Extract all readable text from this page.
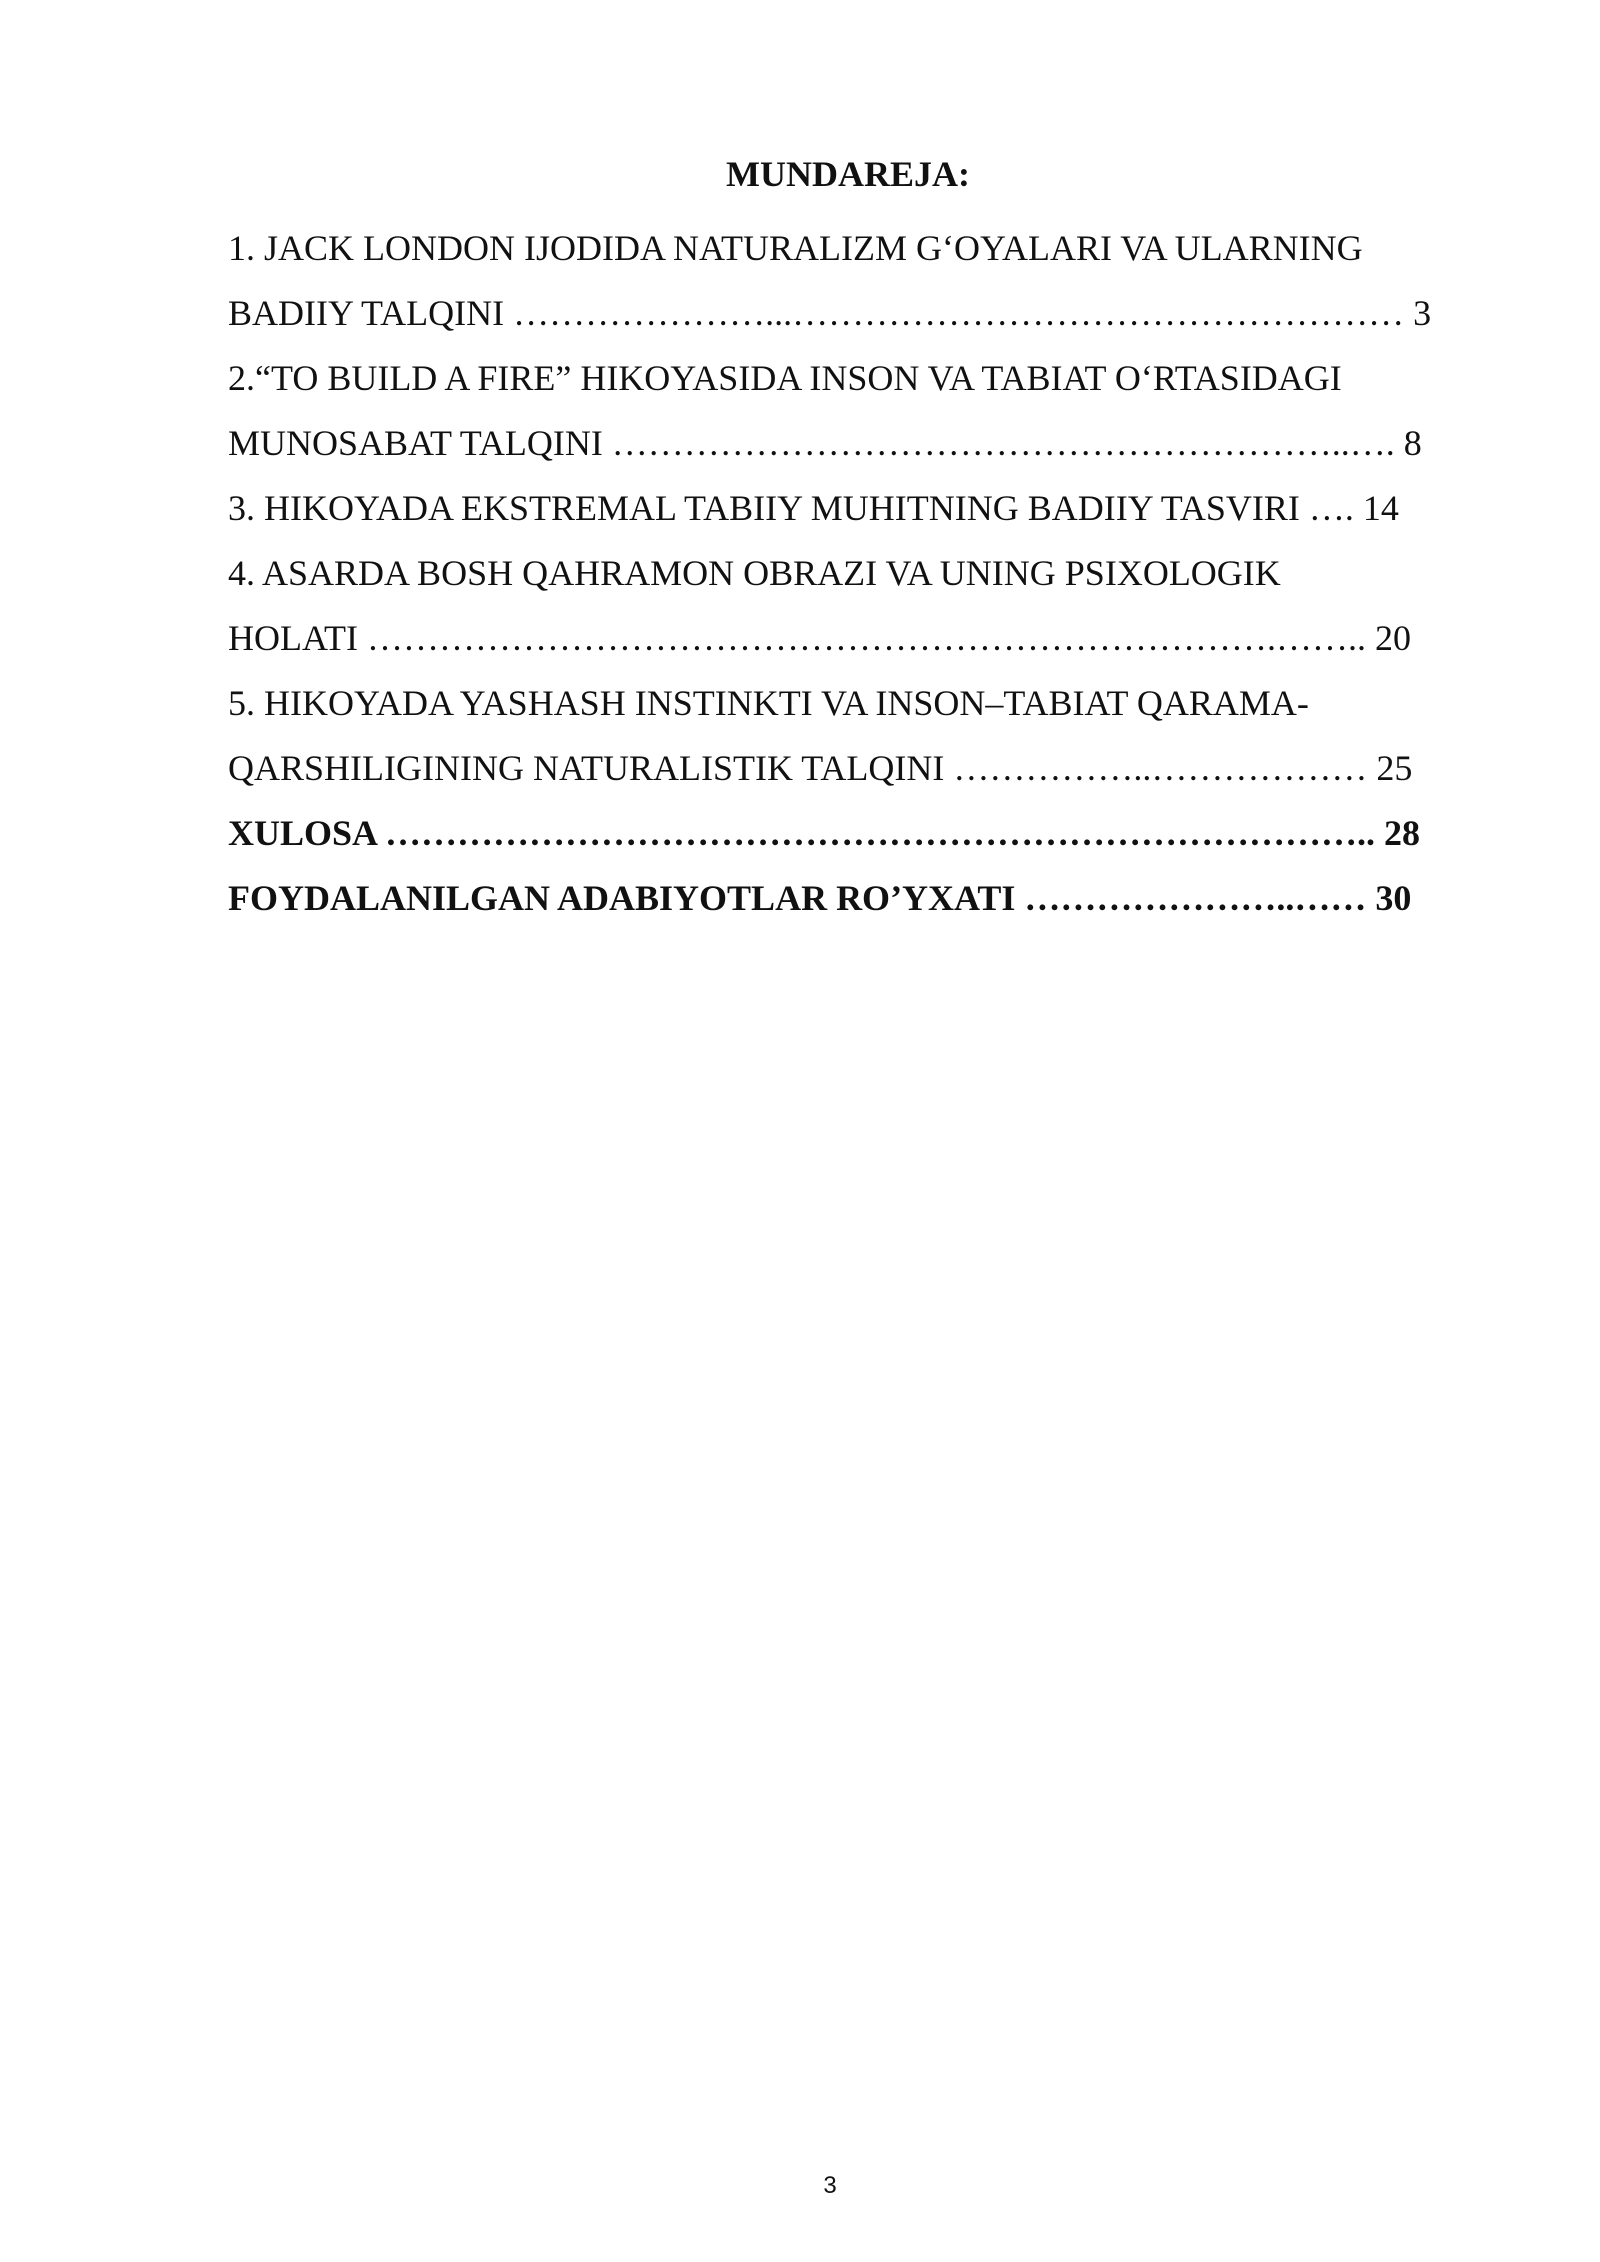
MUNDAREJA:
1. JACK LONDON IJODIDA NATURALIZM G‘OYALARI VA ULARNING
BADIIY TALQINI …………………...…………………………………………… 3
2.“TO BUILD A FIRE” HIKOYASIDA INSON VA TABIAT O‘RTASIDAGI
MUNOSABAT TALQINI ……………………………………………………..…. 8
3. HIKOYADA EKSTREMAL TABIIY MUHITNING BADIIY TASVIRI …. 14
4. ASARDA BOSH QAHRAMON OBRAZI VA UNING PSIXOLOGIK
HOLATI ………………………………………………………………….…….. 20
5. HIKOYADA YASHASH INSTINKTI VA INSON–TABIAT QARAMA-
QARSHILIGINING NATURALISTIK TALQINI ……………..……………… 25
XULOSA ……………………………………………………………………….. 28
FOYDALANILGAN ADABIYOTLAR RO’YXATI …………………..…… 30
3
